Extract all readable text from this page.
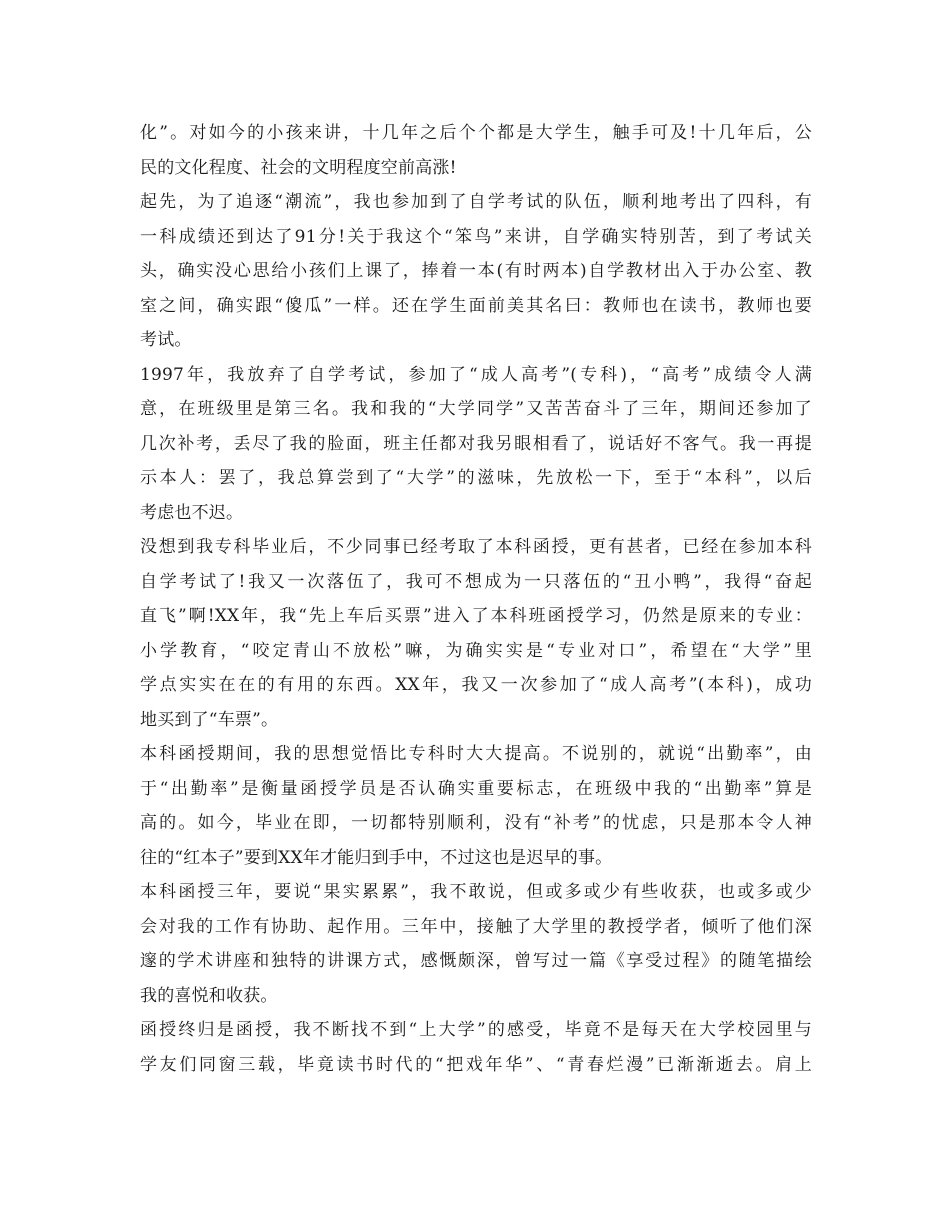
化”。对如今的小孩来讲，十几年之后个个都是大学生，触手可及!十几年后，公
民的文化程度、社会的文明程度空前高涨!
起先，为了追逐“潮流”，我也参加到了自学考试的队伍，顺利地考出了四科，有
一科成绩还到达了91分!关于我这个“笨鸟”来讲，自学确实特别苦，到了考试关
头，确实没心思给小孩们上课了，捧着一本(有时两本)自学教材出入于办公室、教
室之间，确实跟“傻瓜”一样。还在学生面前美其名曰：教师也在读书，教师也要
考试。
1997年，我放弃了自学考试，参加了“成人高考”(专科)，“高考”成绩令人满
意，在班级里是第三名。我和我的“大学同学”又苦苦奋斗了三年，期间还参加了
几次补考，丢尽了我的脸面，班主任都对我另眼相看了，说话好不客气。我一再提
示本人：罢了，我总算尝到了“大学”的滋味，先放松一下，至于“本科”，以后
考虑也不迟。
没想到我专科毕业后，不少同事已经考取了本科函授，更有甚者，已经在参加本科
自学考试了!我又一次落伍了，我可不想成为一只落伍的“丑小鸭”，我得“奋起
直飞”啊!XX年，我“先上车后买票”进入了本科班函授学习，仍然是原来的专业：
小学教育，“咬定青山不放松”嘛，为确实实是“专业对口”，希望在“大学”里
学点实实在在的有用的东西。XX年，我又一次参加了“成人高考”(本科)，成功
地买到了“车票”。
本科函授期间，我的思想觉悟比专科时大大提高。不说别的，就说“出勤率”，由
于“出勤率”是衡量函授学员是否认确实重要标志，在班级中我的“出勤率”算是
高的。如今，毕业在即，一切都特别顺利，没有“补考”的忧虑，只是那本令人神
往的“红本子”要到XX年才能归到手中，不过这也是迟早的事。
本科函授三年，要说“果实累累”，我不敢说，但或多或少有些收获，也或多或少
会对我的工作有协助、起作用。三年中，接触了大学里的教授学者，倾听了他们深
邃的学术讲座和独特的讲课方式，感慨颇深，曾写过一篇《享受过程》的随笔描绘
我的喜悦和收获。
函授终归是函授，我不断找不到“上大学”的感受，毕竟不是每天在大学校园里与
学友们同窗三载，毕竟读书时代的“把戏年华”、“青春烂漫”已渐渐逝去。肩上
